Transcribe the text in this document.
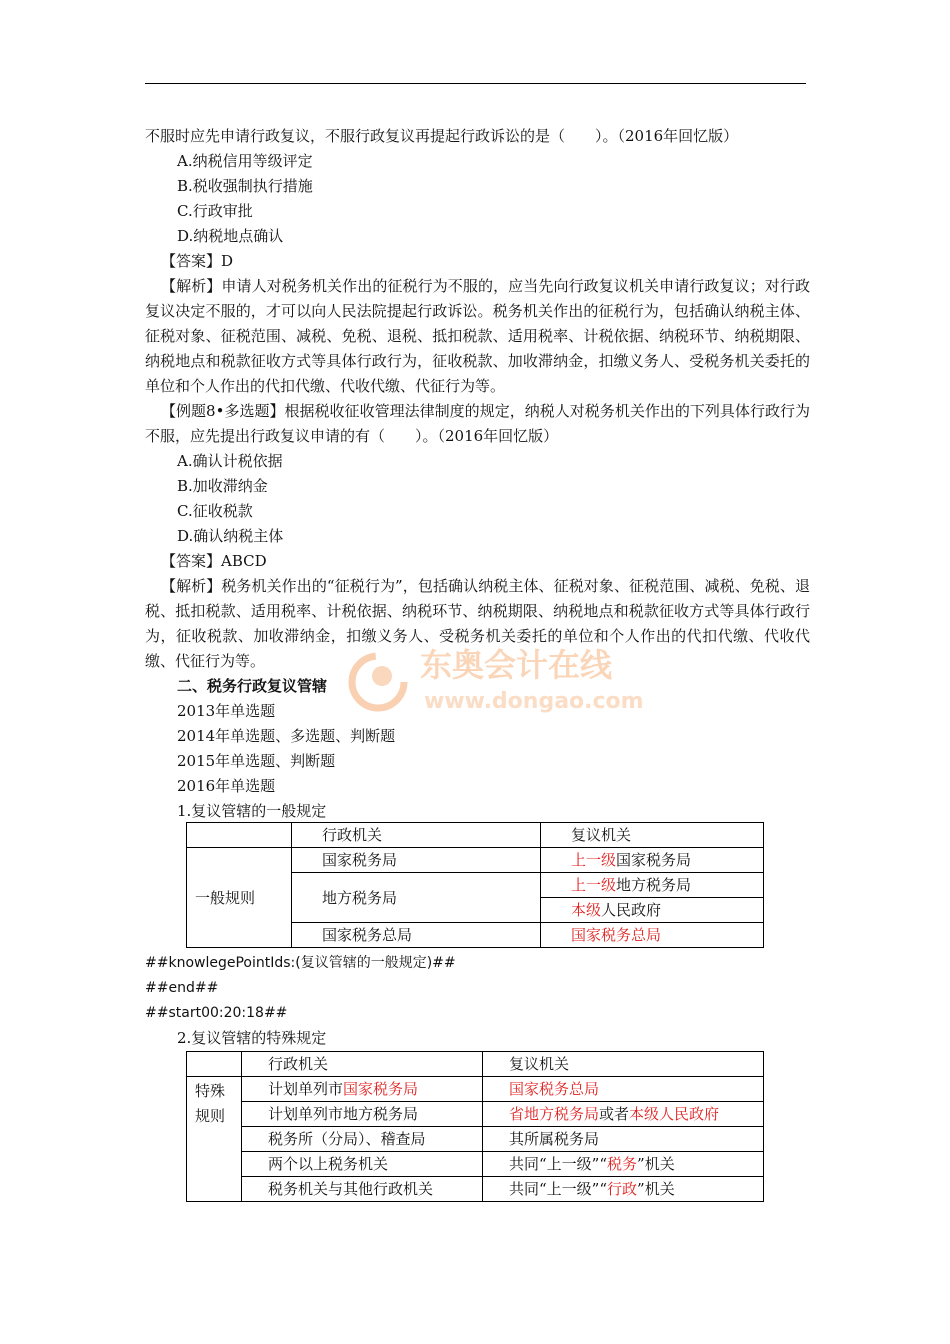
不服时应先申请行政复议，不服行政复议再提起行政诉讼的是（　　）。（2016年回忆版）
A.纳税信用等级评定
B.税收强制执行措施
C.行政审批
D.纳税地点确认
【答案】D
【解析】申请人对税务机关作出的征税行为不服的，应当先向行政复议机关申请行政复议；对行政复议决定不服的，才可以向人民法院提起行政诉讼。税务机关作出的征税行为，包括确认纳税主体、征税对象、征税范围、减税、免税、退税、抵扣税款、适用税率、计税依据、纳税环节、纳税期限、纳税地点和税款征收方式等具体行政行为，征收税款、加收滞纳金，扣缴义务人、受税务机关委托的单位和个人作出的代扣代缴、代收代缴、代征行为等。
【例题8•多选题】根据税收征收管理法律制度的规定，纳税人对税务机关作出的下列具体行政行为不服，应先提出行政复议申请的有（　　）。（2016年回忆版）
A.确认计税依据
B.加收滞纳金
C.征收税款
D.确认纳税主体
【答案】ABCD
【解析】税务机关作出的“征税行为”，包括确认纳税主体、征税对象、征税范围、减税、免税、退税、抵扣税款、适用税率、计税依据、纳税环节、纳税期限、纳税地点和税款征收方式等具体行政行为，征收税款、加收滞纳金，扣缴义务人、受税务机关委托的单位和个人作出的代扣代缴、代收代缴、代征行为等。
二、税务行政复议管辖
2013年单选题
2014年单选题、多选题、判断题
2015年单选题、判断题
2016年单选题
1.复议管辖的一般规定
	行政机关	复议机关
一般规则	国家税务局	上一级国家税务局
	地方税务局	上一级地方税务局
		本级人民政府
	国家税务总局	国家税务总局
##knowlegePointIds:(复议管辖的一般规定)##
##end##
##start00:20:18##
2.复议管辖的特殊规定
	行政机关	复议机关
特殊规则	计划单列市国家税务局	国家税务总局
	计划单列市地方税务局	省地方税务局或者本级人民政府
	税务所（分局）、稽查局	其所属税务局
	两个以上税务机关	共同“上一级”“税务”机关
	税务机关与其他行政机关	共同“上一级”“行政”机关
东奥会计在线
www.dongao.com
